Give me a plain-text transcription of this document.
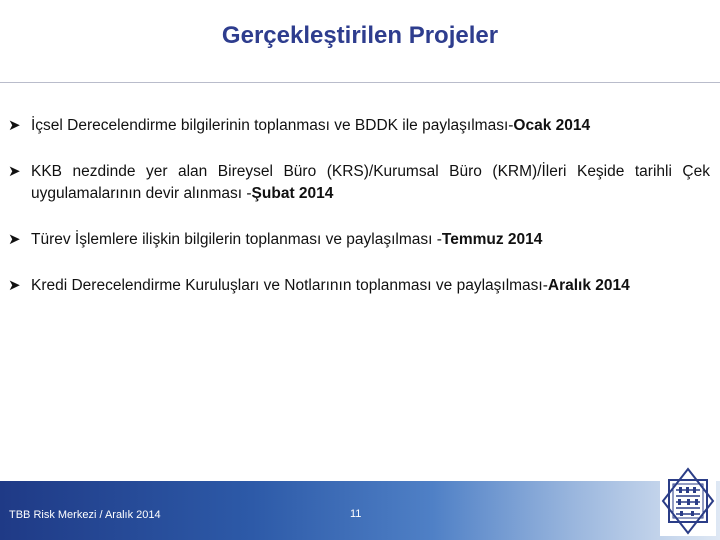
Gerçekleştirilen Projeler
➤ İçsel Derecelendirme bilgilerinin toplanması ve BDDK ile paylaşılması-Ocak 2014
➤ KKB nezdinde yer alan Bireysel Büro (KRS)/Kurumsal Büro (KRM)/İleri Keşide tarihli Çek uygulamalarının devir alınması -Şubat 2014
➤ Türev İşlemlere ilişkin bilgilerin toplanması ve paylaşılması -Temmuz 2014
➤ Kredi Derecelendirme Kuruluşları ve Notlarının toplanması ve paylaşılması-Aralık 2014
TBB Risk Merkezi / Aralık 2014	11
